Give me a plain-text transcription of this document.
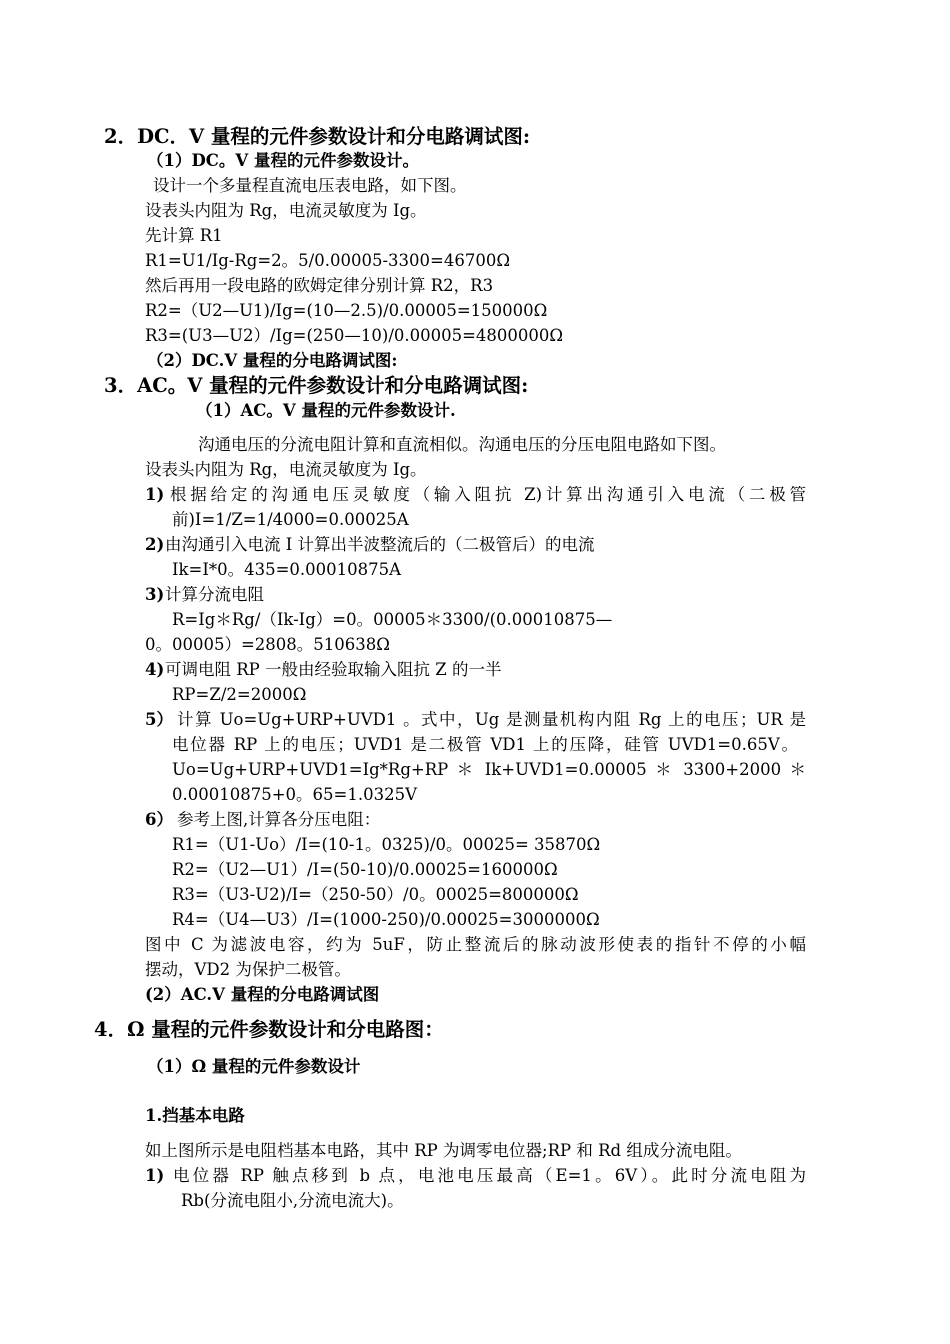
2．DC．V 量程的元件参数设计和分电路调试图:
（1）DC。V 量程的元件参数设计。
设计一个多量程直流电压表电路，如下图。
设表头内阻为 Rg，电流灵敏度为 Ig。
先计算 R1
R1=U1/Ig-Rg=2。5/0.00005-3300=46700Ω
然后再用一段电路的欧姆定律分别计算 R2，R3
R2=（U2—U1)/Ig=(10—2.5)/0.00005=150000Ω
R3=(U3—U2）/Ig=(250—10)/0.00005=4800000Ω
（2）DC.V 量程的分电路调试图:
3．AC。V 量程的元件参数设计和分电路调试图:
（1）AC。V 量程的元件参数设计.
沟通电压的分流电阻计算和直流相似。沟通电压的分压电阻电路如下图。
设表头内阻为 Rg，电流灵敏度为 Ig。
1) 根据给定的沟通电压灵敏度（输入阻抗 Z)计算出沟通引入电流（二极管
前)I=1/Z=1/4000=0.00025A
2) 由沟通引入电流 I 计算出半波整流后的（二极管后）的电流
Ik=I*0。435=0.00010875A
3) 计算分流电阻
R=Ig＊Rg/（Ik-Ig）=0。00005＊3300/(0.00010875—
0。00005）=2808。510638Ω
4) 可调电阻 RP 一般由经验取输入阻抗 Z 的一半
RP=Z/2=2000Ω
5） 计算 Uo=Ug+URP+UVD1 。式中，Ug 是测量机构内阻 Rg 上的电压；UR 是
电位器 RP 上的电压；UVD1 是二极管 VD1 上的压降，硅管 UVD1=0.65V。
Uo=Ug+URP+UVD1=Ig*Rg+RP ＊ Ik+UVD1=0.00005 ＊ 3300+2000 ＊
0.00010875+0。65=1.0325V
6） 参考上图,计算各分压电阻：
R1=（U1-Uo）/I=(10-1。0325)/0。00025= 35870Ω
R2=（U2—U1）/I=(50-10)/0.00025=160000Ω
R3=（U3-U2)/I=（250-50）/0。00025=800000Ω
R4=（U4—U3）/I=(1000-250)/0.00025=3000000Ω
图中 C 为滤波电容，约为 5uF，防止整流后的脉动波形使表的指针不停的小幅
摆动，VD2 为保护二极管。
(2）AC.V 量程的分电路调试图
4．Ω 量程的元件参数设计和分电路图：
（1）Ω 量程的元件参数设计
1.挡基本电路
如上图所示是电阻档基本电路，其中 RP 为调零电位器;RP 和 Rd 组成分流电阻。
1) 电位器 RP 触点移到 b 点，电池电压最高（E=1。6V）。此时分流电阻为
Rb(分流电阻小,分流电流大)。
